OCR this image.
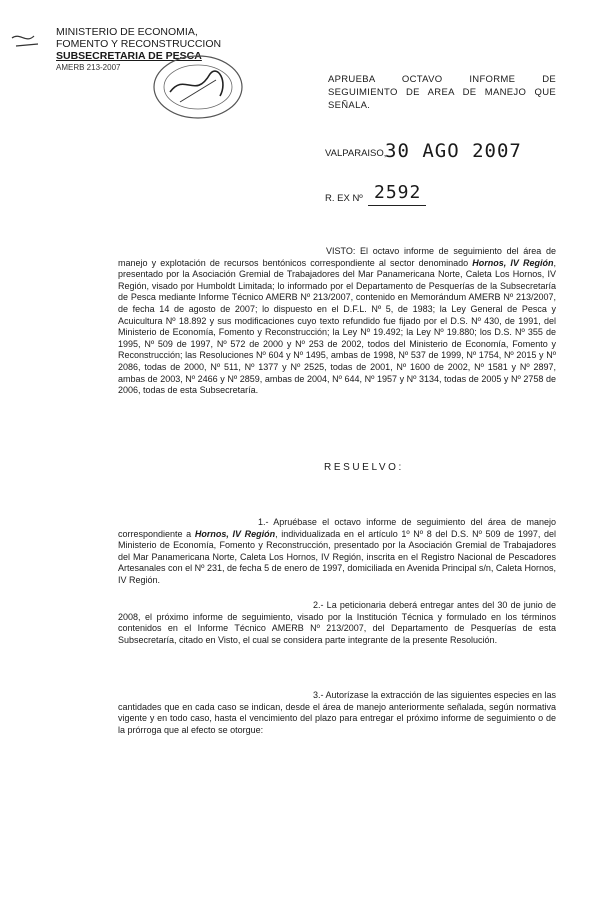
MINISTERIO DE ECONOMIA,
FOMENTO Y RECONSTRUCCION
SUBSECRETARIA DE PESCA
AMERB 213-2007
APRUEBA OCTAVO INFORME DE SEGUIMIENTO DE AREA DE MANEJO QUE SEÑALA.
VALPARAISO,
30 AGO 2007
R. EX Nº 2592
VISTO: El octavo informe de seguimiento del área de manejo y explotación de recursos bentónicos correspondiente al sector denominado Hornos, IV Región, presentado por la Asociación Gremial de Trabajadores del Mar Panamericana Norte, Caleta Los Hornos, IV Región, visado por Humboldt Limitada; lo informado por el Departamento de Pesquerías de la Subsecretaría de Pesca mediante Informe Técnico AMERB Nº 213/2007, contenido en Memorándum AMERB Nº 213/2007, de fecha 14 de agosto de 2007; lo dispuesto en el D.F.L. Nº 5, de 1983; la Ley General de Pesca y Acuicultura Nº 18.892 y sus modificaciones cuyo texto refundido fue fijado por el D.S. Nº 430, de 1991, del Ministerio de Economía, Fomento y Reconstrucción; la Ley Nº 19.492; la Ley Nº 19.880; los D.S. Nº 355 de 1995, Nº 509 de 1997, Nº 572 de 2000 y Nº 253 de 2002, todos del Ministerio de Economía, Fomento y Reconstrucción; las Resoluciones Nº 604 y Nº 1495, ambas de 1998, Nº 537 de 1999, Nº 1754, Nº 2015 y Nº 2086, todas de 2000, Nº 511, Nº 1377 y Nº 2525, todas de 2001, Nº 1600 de 2002, Nº 1581 y Nº 2897, ambas de 2003, Nº 2466 y Nº 2859, ambas de 2004, Nº 644, Nº 1957 y Nº 3134, todas de 2005 y Nº 2758 de 2006, todas de esta Subsecretaría.
RESUELVO:
1.- Apruébase el octavo informe de seguimiento del área de manejo correspondiente a Hornos, IV Región, individualizada en el artículo 1º Nº 8 del D.S. Nº 509 de 1997, del Ministerio de Economía, Fomento y Reconstrucción, presentado por la Asociación Gremial de Trabajadores del Mar Panamericana Norte, Caleta Los Hornos, IV Región, inscrita en el Registro Nacional de Pescadores Artesanales con el Nº 231, de fecha 5 de enero de 1997, domiciliada en Avenida Principal s/n, Caleta Hornos, IV Región.
2.- La peticionaria deberá entregar antes del 30 de junio de 2008, el próximo informe de seguimiento, visado por la Institución Técnica y formulado en los términos contenidos en el Informe Técnico AMERB Nº 213/2007, del Departamento de Pesquerías de esta Subsecretaría, citado en Visto, el cual se considera parte integrante de la presente Resolución.
3.- Autorízase la extracción de las siguientes especies en las cantidades que en cada caso se indican, desde el área de manejo anteriormente señalada, según normativa vigente y en todo caso, hasta el vencimiento del plazo para entregar el próximo informe de seguimiento o de la prórroga que al efecto se otorgue:
